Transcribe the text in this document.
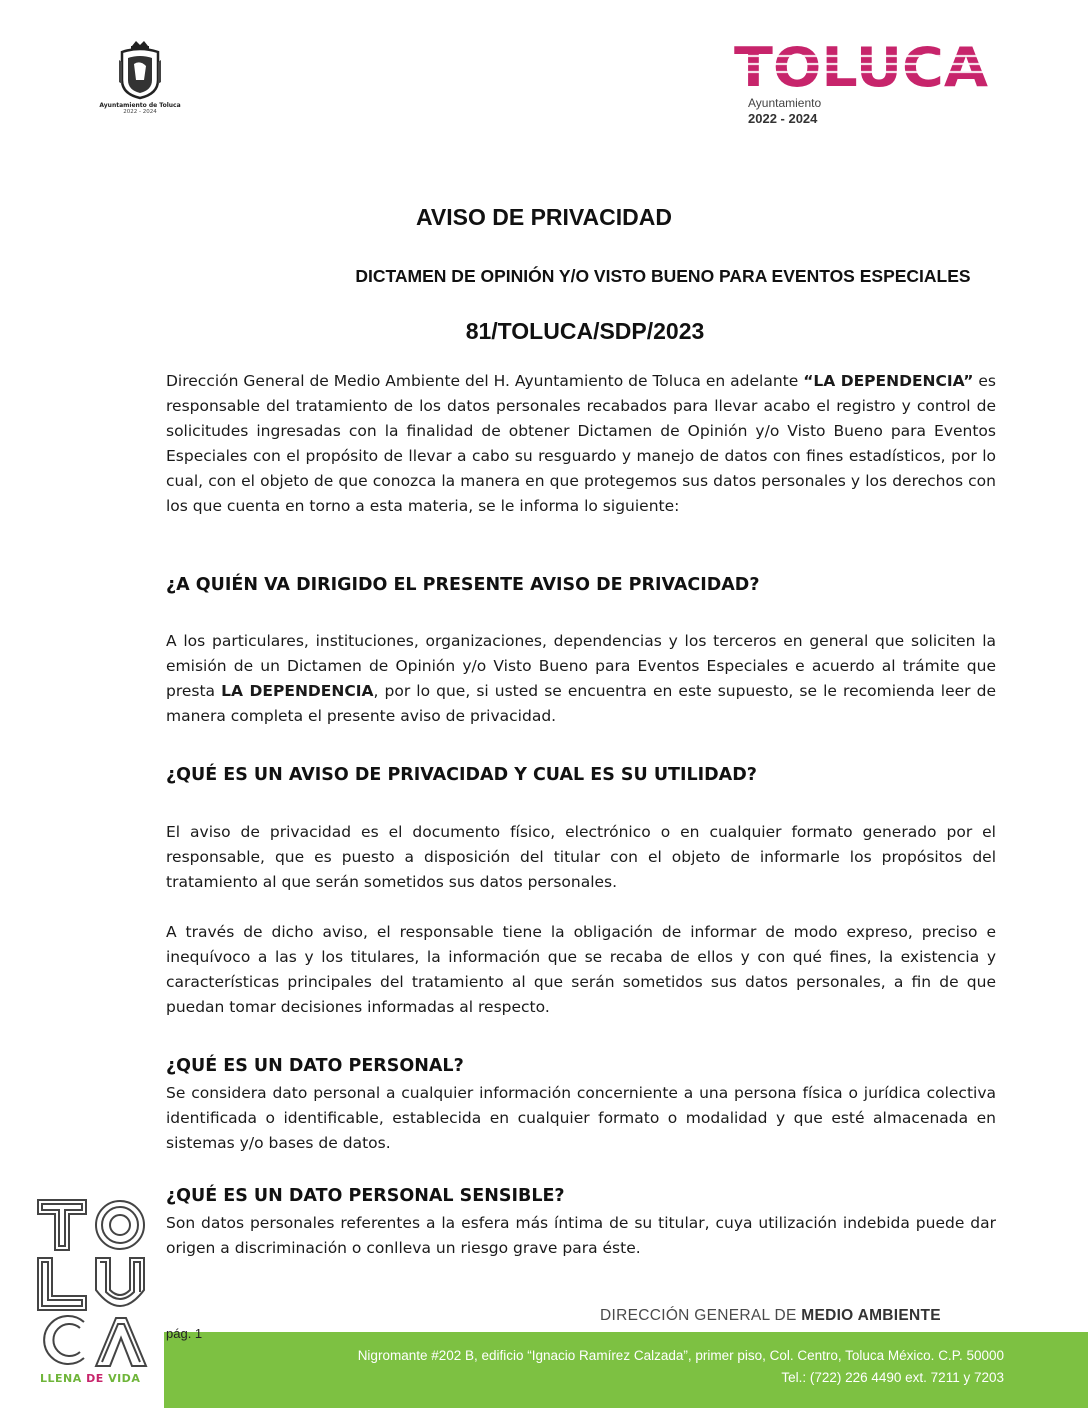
Ayuntamiento de Toluca
2022 - 2024
TOLUCA
Ayuntamiento
2022 - 2024
AVISO DE PRIVACIDAD
DICTAMEN DE OPINIÓN Y/O VISTO BUENO PARA EVENTOS ESPECIALES
81/TOLUCA/SDP/2023
Dirección General de Medio Ambiente del H. Ayuntamiento de Toluca en adelante “LA DEPENDENCIA” es responsable del tratamiento de los datos personales recabados para llevar acabo el registro y control de solicitudes ingresadas con la finalidad de obtener Dictamen de Opinión y/o Visto Bueno para Eventos Especiales con el propósito de llevar a cabo su resguardo y manejo de datos con fines estadísticos, por lo cual, con el objeto de que conozca la manera en que protegemos sus datos personales y los derechos con los que cuenta en torno a esta materia, se le informa lo siguiente:
¿A QUIÉN VA DIRIGIDO EL PRESENTE AVISO DE PRIVACIDAD?
A los particulares, instituciones, organizaciones, dependencias y los terceros en general que soliciten la emisión de un Dictamen de Opinión y/o Visto Bueno para Eventos Especiales e acuerdo al trámite que presta LA DEPENDENCIA, por lo que, si usted se encuentra en este supuesto, se le recomienda leer de manera completa el presente aviso de privacidad.
¿QUÉ ES UN AVISO DE PRIVACIDAD Y CUAL ES SU UTILIDAD?
El aviso de privacidad es el documento físico, electrónico o en cualquier formato generado por el responsable, que es puesto a disposición del titular con el objeto de informarle los propósitos del tratamiento al que serán sometidos sus datos personales.
A través de dicho aviso, el responsable tiene la obligación de informar de modo expreso, preciso e inequívoco a las y los titulares, la información que se recaba de ellos y con qué fines, la existencia y características principales del tratamiento al que serán sometidos sus datos personales, a fin de que puedan tomar decisiones informadas al respecto.
¿QUÉ ES UN DATO PERSONAL?
Se considera dato personal a cualquier información concerniente a una persona física o jurídica colectiva identificada o identificable, establecida en cualquier formato o modalidad y que esté almacenada en sistemas y/o bases de datos.
¿QUÉ ES UN DATO PERSONAL SENSIBLE?
Son datos personales referentes a la esfera más íntima de su titular, cuya utilización indebida puede dar origen a discriminación o conlleva un riesgo grave para éste.
LLENA DE VIDA
DIRECCIÓN GENERAL DE MEDIO AMBIENTE
Nigromante #202 B, edificio “Ignacio Ramírez Calzada”, primer piso, Col. Centro, Toluca México. C.P. 50000
Tel.: (722) 226 4490 ext. 7211 y 7203
pág. 1
